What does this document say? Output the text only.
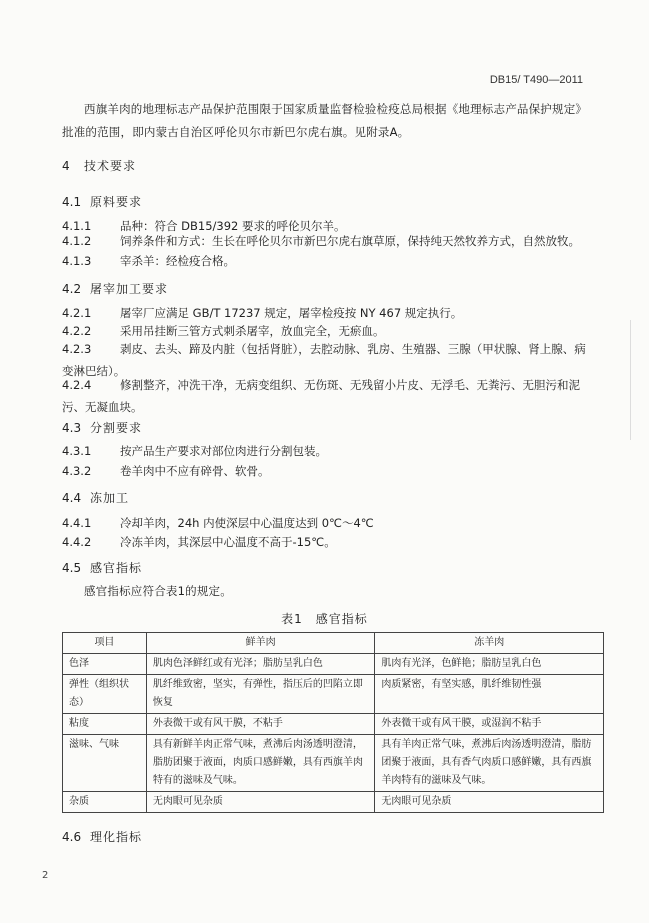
DB15/ T490—2011
西旗羊肉的地理标志产品保护范围限于国家质量监督检验检疫总局根据《地理标志产品保护规定》批准的范围，即内蒙古自治区呼伦贝尔市新巴尔虎右旗。见附录A。
4 技术要求
4.1 原料要求
4.1.1 品种：符合 DB15/392 要求的呼伦贝尔羊。
4.1.2 饲养条件和方式：生长在呼伦贝尔市新巴尔虎右旗草原，保持纯天然牧养方式，自然放牧。
4.1.3 宰杀羊：经检疫合格。
4.2 屠宰加工要求
4.2.1 屠宰厂应满足 GB/T 17237 规定，屠宰检疫按 NY 467 规定执行。
4.2.2 采用吊挂断三管方式刺杀屠宰，放血完全，无瘀血。
4.2.3 剥皮、去头、蹄及内脏（包括肾脏），去腔动脉、乳房、生殖器、三腺（甲状腺、肾上腺、病变淋巴结）。
4.2.4 修割整齐，冲洗干净，无病变组织、无伤斑、无残留小片皮、无浮毛、无粪污、无胆污和泥污、无凝血块。
4.3 分割要求
4.3.1 按产品生产要求对部位肉进行分割包装。
4.3.2 卷羊肉中不应有碎骨、软骨。
4.4 冻加工
4.4.1 冷却羊肉，24h 内使深层中心温度达到 0℃～4℃
4.4.2 冷冻羊肉，其深层中心温度不高于-15℃。
4.5 感官指标
感官指标应符合表1的规定。
表1　感官指标
项目	鲜羊肉	冻羊肉
色泽	肌肉色泽鲜红或有光泽；脂肪呈乳白色	肌肉有光泽，色鲜艳；脂肪呈乳白色
弹性（组织状态）	肌纤维致密，坚实，有弹性，指压后的凹陷立即恢复	肉质紧密，有坚实感，肌纤维韧性强
粘度	外表微干或有风干膜，不粘手	外表微干或有风干膜，或湿润不粘手
滋味、气味	具有新鲜羊肉正常气味，煮沸后肉汤透明澄清，脂肪团聚于液面，肉质口感鲜嫩，具有西旗羊肉特有的滋味及气味。	具有羊肉正常气味，煮沸后肉汤透明澄清，脂肪团聚于液面，具有香气肉质口感鲜嫩，具有西旗羊肉特有的滋味及气味。
杂质	无肉眼可见杂质	无肉眼可见杂质
4.6 理化指标
2
